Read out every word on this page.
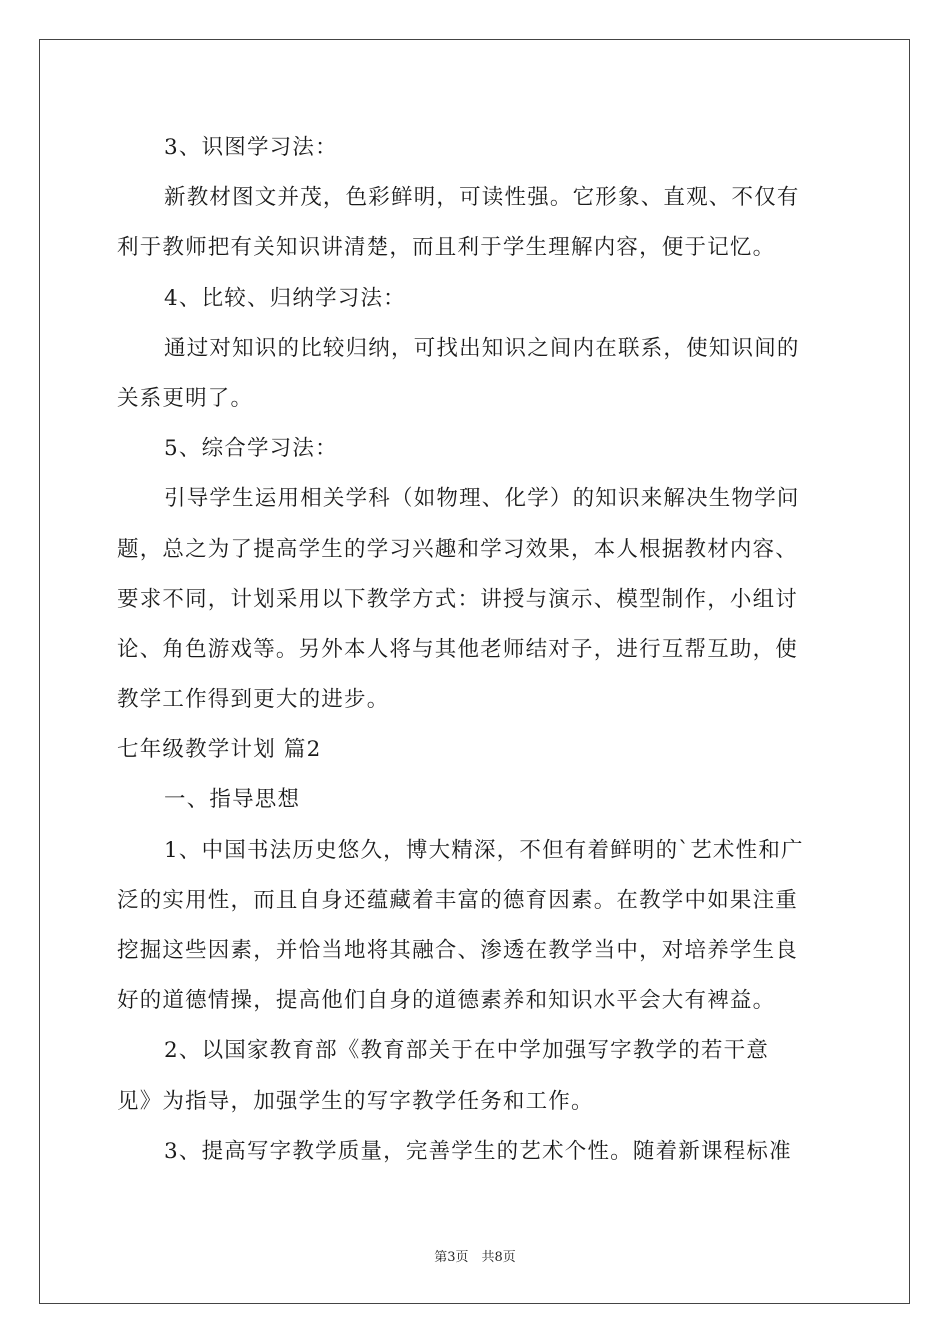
3、识图学习法：
新教材图文并茂，色彩鲜明，可读性强。它形象、直观、不仅有
利于教师把有关知识讲清楚，而且利于学生理解内容，便于记忆。
4、比较、归纳学习法：
通过对知识的比较归纳，可找出知识之间内在联系，使知识间的
关系更明了。
5、综合学习法：
引导学生运用相关学科（如物理、化学）的知识来解决生物学问
题，总之为了提高学生的学习兴趣和学习效果，本人根据教材内容、
要求不同，计划采用以下教学方式：讲授与演示、模型制作，小组讨
论、角色游戏等。另外本人将与其他老师结对子，进行互帮互助，使
教学工作得到更大的进步。
七年级教学计划 篇2
一、指导思想
1、中国书法历史悠久，博大精深，不但有着鲜明的`艺术性和广
泛的实用性，而且自身还蕴藏着丰富的德育因素。在教学中如果注重
挖掘这些因素，并恰当地将其融合、渗透在教学当中，对培养学生良
好的道德情操，提高他们自身的道德素养和知识水平会大有裨益。
2、以国家教育部《教育部关于在中学加强写字教学的若干意
见》为指导，加强学生的写字教学任务和工作。
3、提高写字教学质量，完善学生的艺术个性。随着新课程标准
第3页　共8页
